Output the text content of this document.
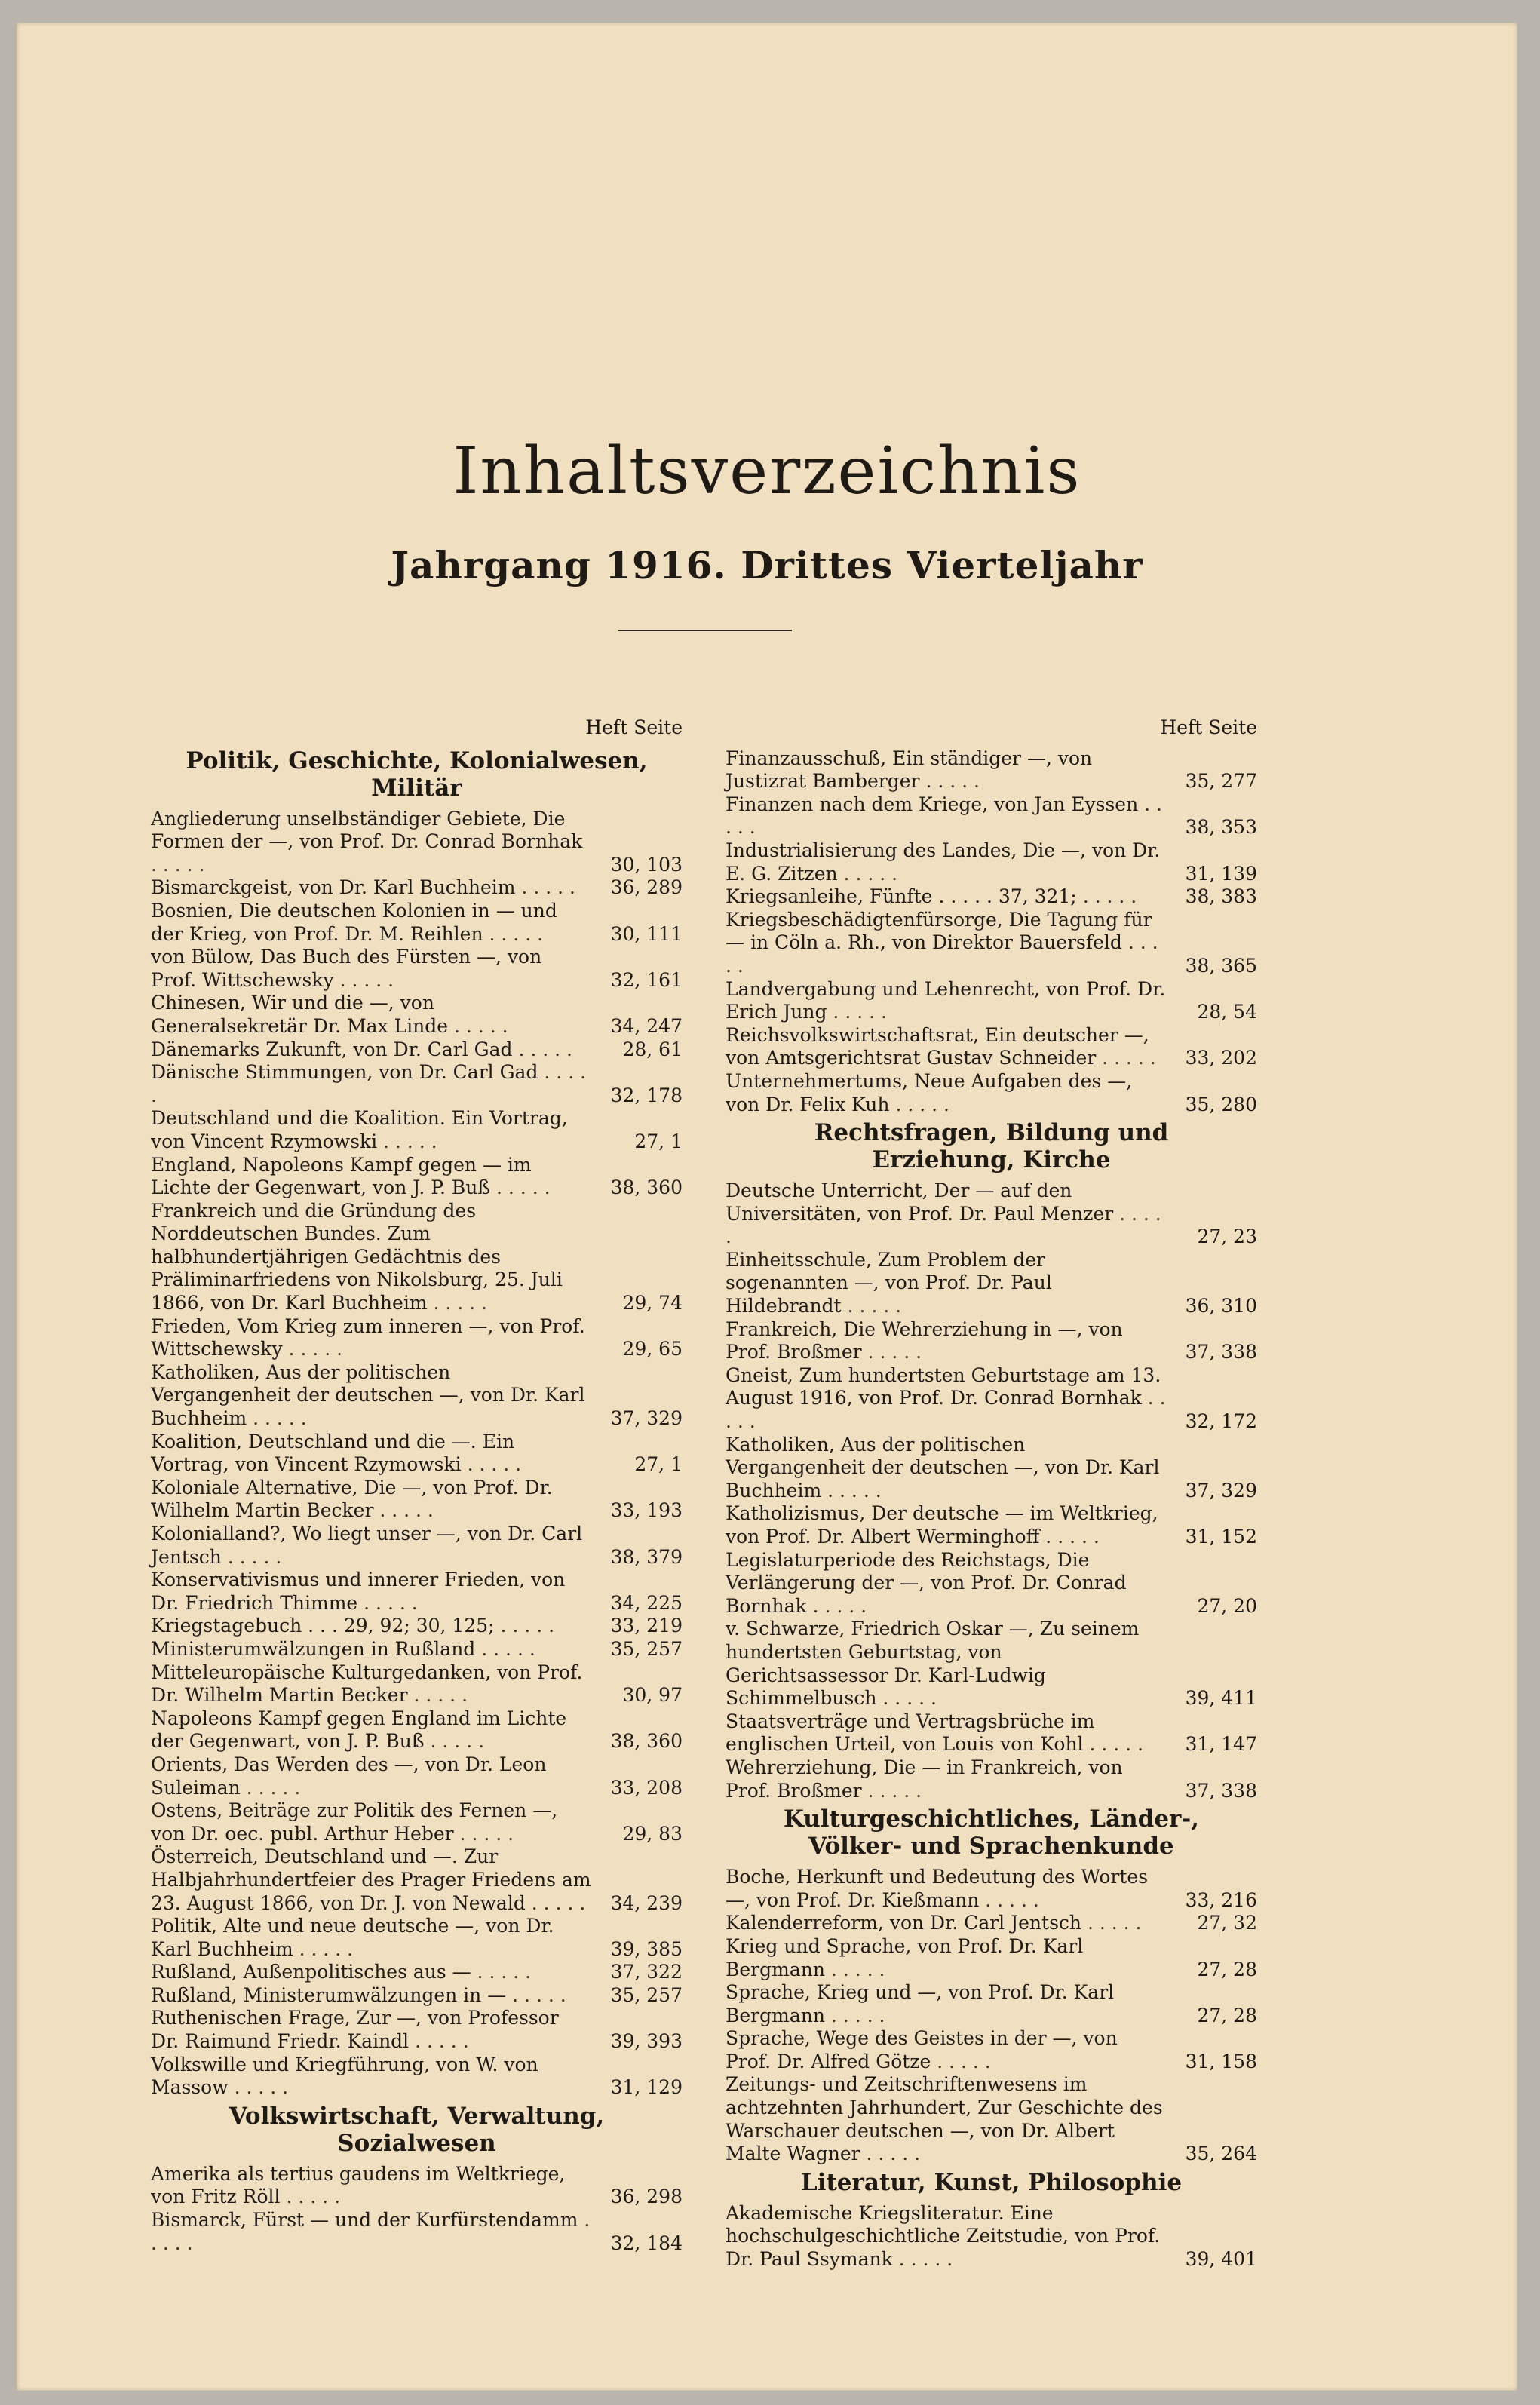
Inhaltsverzeichnis
Jahrgang 1916. Drittes Vierteljahr
Heft Seite
Politik, Geschichte, Kolonialwesen, Militär
Angliederung unselbständiger Gebiete, Die Formen der —, von Prof. Dr. Conrad Bornhak . . .
30, 103
Bismarckgeist, von Dr. Karl Buchheim . . .	36, 289
Bosnien, Die deutschen Kolonien in — und der Krieg, von Prof. Dr. M. Reihlen . . .	30, 111
von Bülow, Das Buch des Fürsten —, von Prof. Wittschewsky . . .	32, 161
Chinesen, Wir und die —, von Generalsekretär Dr. Max Linde . . .	34, 247
Dänemarks Zukunft, von Dr. Carl Gad . . .	28, 61
Dänische Stimmungen, von Dr. Carl Gad . . .
32, 178
Deutschland und die Koalition. Ein Vortrag, von Vincent Rzymowski . . .	27, 1
England, Napoleons Kampf gegen — im Lichte der Gegenwart, von J. P. Buß . . .	38, 360
Frankreich und die Gründung des Norddeutschen Bundes. Zum halbhundertjährigen Gedächtnis des Präliminarfriedens von Nikolsburg, 25. Juli 1866, von Dr. Karl Buchheim . . .	29, 74
Frieden, Vom Krieg zum inneren —, von Prof. Wittschewsky . . .	29, 65
Katholiken, Aus der politischen Vergangenheit der deutschen —, von Dr. Karl Buchheim . . .	37, 329
Koalition, Deutschland und die —. Ein Vortrag, von Vincent Rzymowski . . .	27, 1
Koloniale Alternative, Die —, von Prof. Dr. Wilhelm Martin Becker . . .	33, 193
Kolonialland?, Wo liegt unser —, von Dr. Carl Jentsch . . .	38, 379
Konservativismus und innerer Frieden, von Dr. Friedrich Thimme . . .	34, 225
Kriegstagebuch . . . 29, 92; 30, 125; . . .	33, 219
Ministerumwälzungen in Rußland . . .	35, 257
Mitteleuropäische Kulturgedanken, von Prof. Dr. Wilhelm Martin Becker . . .	30, 97
Napoleons Kampf gegen England im Lichte der Gegenwart, von J. P. Buß . . .	38, 360
Orients, Das Werden des —, von Dr. Leon Suleiman . . .	33, 208
Ostens, Beiträge zur Politik des Fernen —, von Dr. oec. publ. Arthur Heber . . .	29, 83
Österreich, Deutschland und —. Zur Halbjahrhundertfeier des Prager Friedens am 23. August 1866, von Dr. J. von Newald . . .	34, 239
Politik, Alte und neue deutsche —, von Dr. Karl Buchheim . . .	39, 385
Rußland, Außenpolitisches aus — . . .	37, 322
Rußland, Ministerumwälzungen in — . . .	35, 257
Ruthenischen Frage, Zur —, von Professor Dr. Raimund Friedr. Kaindl . . .	39, 393
Volkswille und Kriegführung, von W. von Massow . . .	31, 129
Volkswirtschaft, Verwaltung, Sozialwesen
Amerika als tertius gaudens im Weltkriege, von Fritz Röll . . .	36, 298
Bismarck, Fürst — und der Kurfürstendamm . . .
32, 184
Heft Seite
Finanzausschuß, Ein ständiger —, von Justizrat Bamberger . . .	35, 277
Finanzen nach dem Kriege, von Jan Eyssen . . .
38, 353
Industrialisierung des Landes, Die —, von Dr. E. G. Zitzen . . .	31, 139
Kriegsanleihe, Fünfte . . . . . 37, 321; . . .	38, 383
Kriegsbeschädigtenfürsorge, Die Tagung für — in Cöln a. Rh., von Direktor Bauersfeld . . .
38, 365
Landvergabung und Lehenrecht, von Prof. Dr. Erich Jung . . .	28, 54
Reichsvolkswirtschaftsrat, Ein deutscher —, von Amtsgerichtsrat Gustav Schneider . . .	33, 202
Unternehmertums, Neue Aufgaben des —, von Dr. Felix Kuh . . .	35, 280
Rechtsfragen, Bildung und Erziehung, Kirche
Deutsche Unterricht, Der — auf den Universitäten, von Prof. Dr. Paul Menzer . . .
27, 23
Einheitsschule, Zum Problem der sogenannten —, von Prof. Dr. Paul Hildebrandt . . .	36, 310
Frankreich, Die Wehrerziehung in —, von Prof. Broßmer . . .	37, 338
Gneist, Zum hundertsten Geburtstage am 13. August 1916, von Prof. Dr. Conrad Bornhak . . .
32, 172
Katholiken, Aus der politischen Vergangenheit der deutschen —, von Dr. Karl Buchheim . . .	37, 329
Katholizismus, Der deutsche — im Weltkrieg, von Prof. Dr. Albert Werminghoff . . .	31, 152
Legislaturperiode des Reichstags, Die Verlängerung der —, von Prof. Dr. Conrad Bornhak . . .	27, 20
v. Schwarze, Friedrich Oskar —, Zu seinem hundertsten Geburtstag, von Gerichtsassessor Dr. Karl-Ludwig Schimmelbusch . . .	39, 411
Staatsverträge und Vertragsbrüche im englischen Urteil, von Louis von Kohl . . .	31, 147
Wehrerziehung, Die — in Frankreich, von Prof. Broßmer . . .	37, 338
Kulturgeschichtliches, Länder-, Völker- und Sprachenkunde
Boche, Herkunft und Bedeutung des Wortes —, von Prof. Dr. Kießmann . . .	33, 216
Kalenderreform, von Dr. Carl Jentsch . . .	27, 32
Krieg und Sprache, von Prof. Dr. Karl Bergmann . . .	27, 28
Sprache, Krieg und —, von Prof. Dr. Karl Bergmann . . .	27, 28
Sprache, Wege des Geistes in der —, von Prof. Dr. Alfred Götze . . .	31, 158
Zeitungs- und Zeitschriftenwesens im achtzehnten Jahrhundert, Zur Geschichte des Warschauer deutschen —, von Dr. Albert Malte Wagner . . .	35, 264
Literatur, Kunst, Philosophie
Akademische Kriegsliteratur. Eine hochschulgeschichtliche Zeitstudie, von Prof. Dr. Paul Ssymank . . .	39, 401
